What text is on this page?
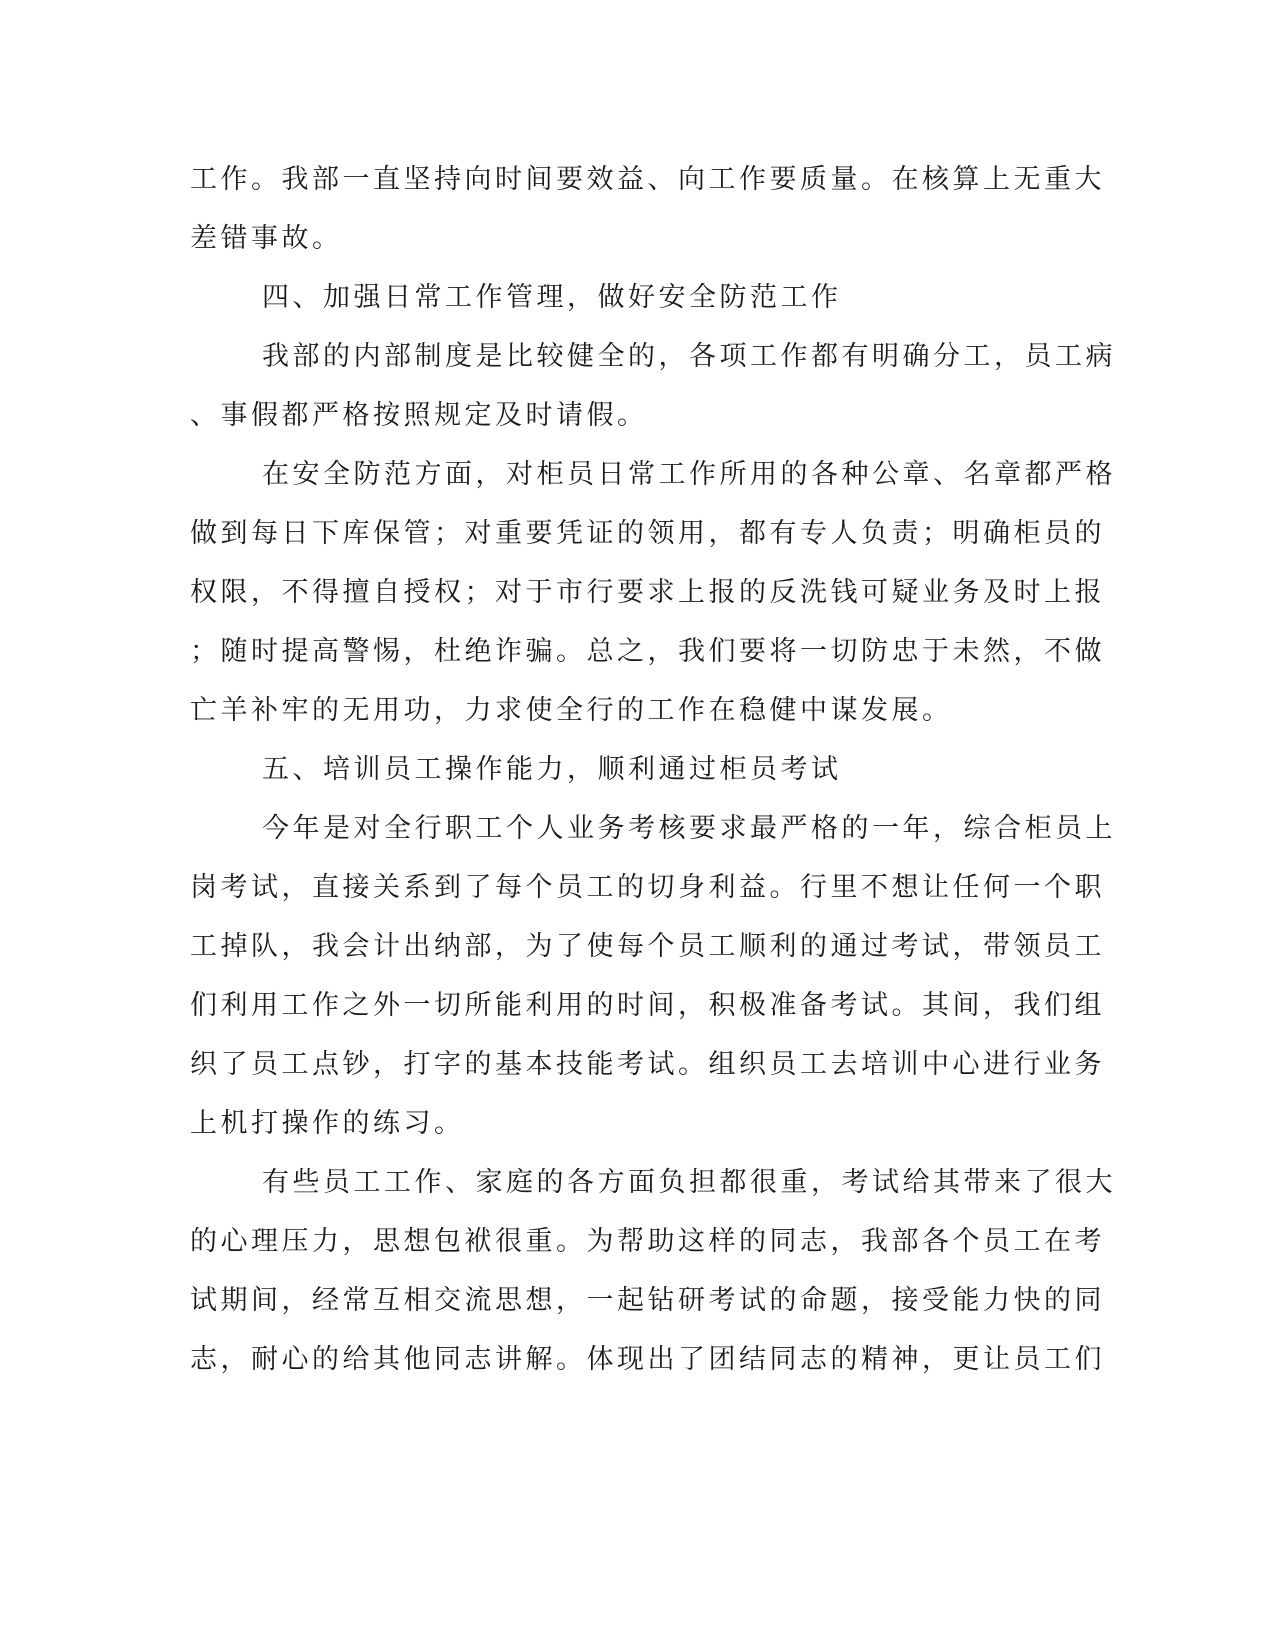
工作。我部一直坚持向时间要效益、向工作要质量。在核算上无重大

差错事故。

四、加强日常工作管理，做好安全防范工作

我部的内部制度是比较健全的，各项工作都有明确分工，员工病

、事假都严格按照规定及时请假。

在安全防范方面，对柜员日常工作所用的各种公章、名章都严格

做到每日下库保管；对重要凭证的领用，都有专人负责；明确柜员的

权限，不得擅自授权；对于市行要求上报的反洗钱可疑业务及时上报

；随时提高警惕，杜绝诈骗。总之，我们要将一切防忠于未然，不做

亡羊补牢的无用功，力求使全行的工作在稳健中谋发展。

五、培训员工操作能力，顺利通过柜员考试

今年是对全行职工个人业务考核要求最严格的一年，综合柜员上

岗考试，直接关系到了每个员工的切身利益。行里不想让任何一个职

工掉队，我会计出纳部，为了使每个员工顺利的通过考试，带领员工

们利用工作之外一切所能利用的时间，积极准备考试。其间，我们组

织了员工点钞，打字的基本技能考试。组织员工去培训中心进行业务

上机打操作的练习。

有些员工工作、家庭的各方面负担都很重，考试给其带来了很大

的心理压力，思想包袱很重。为帮助这样的同志，我部各个员工在考

试期间，经常互相交流思想，一起钻研考试的命题，接受能力快的同

志，耐心的给其他同志讲解。体现出了团结同志的精神，更让员工们
